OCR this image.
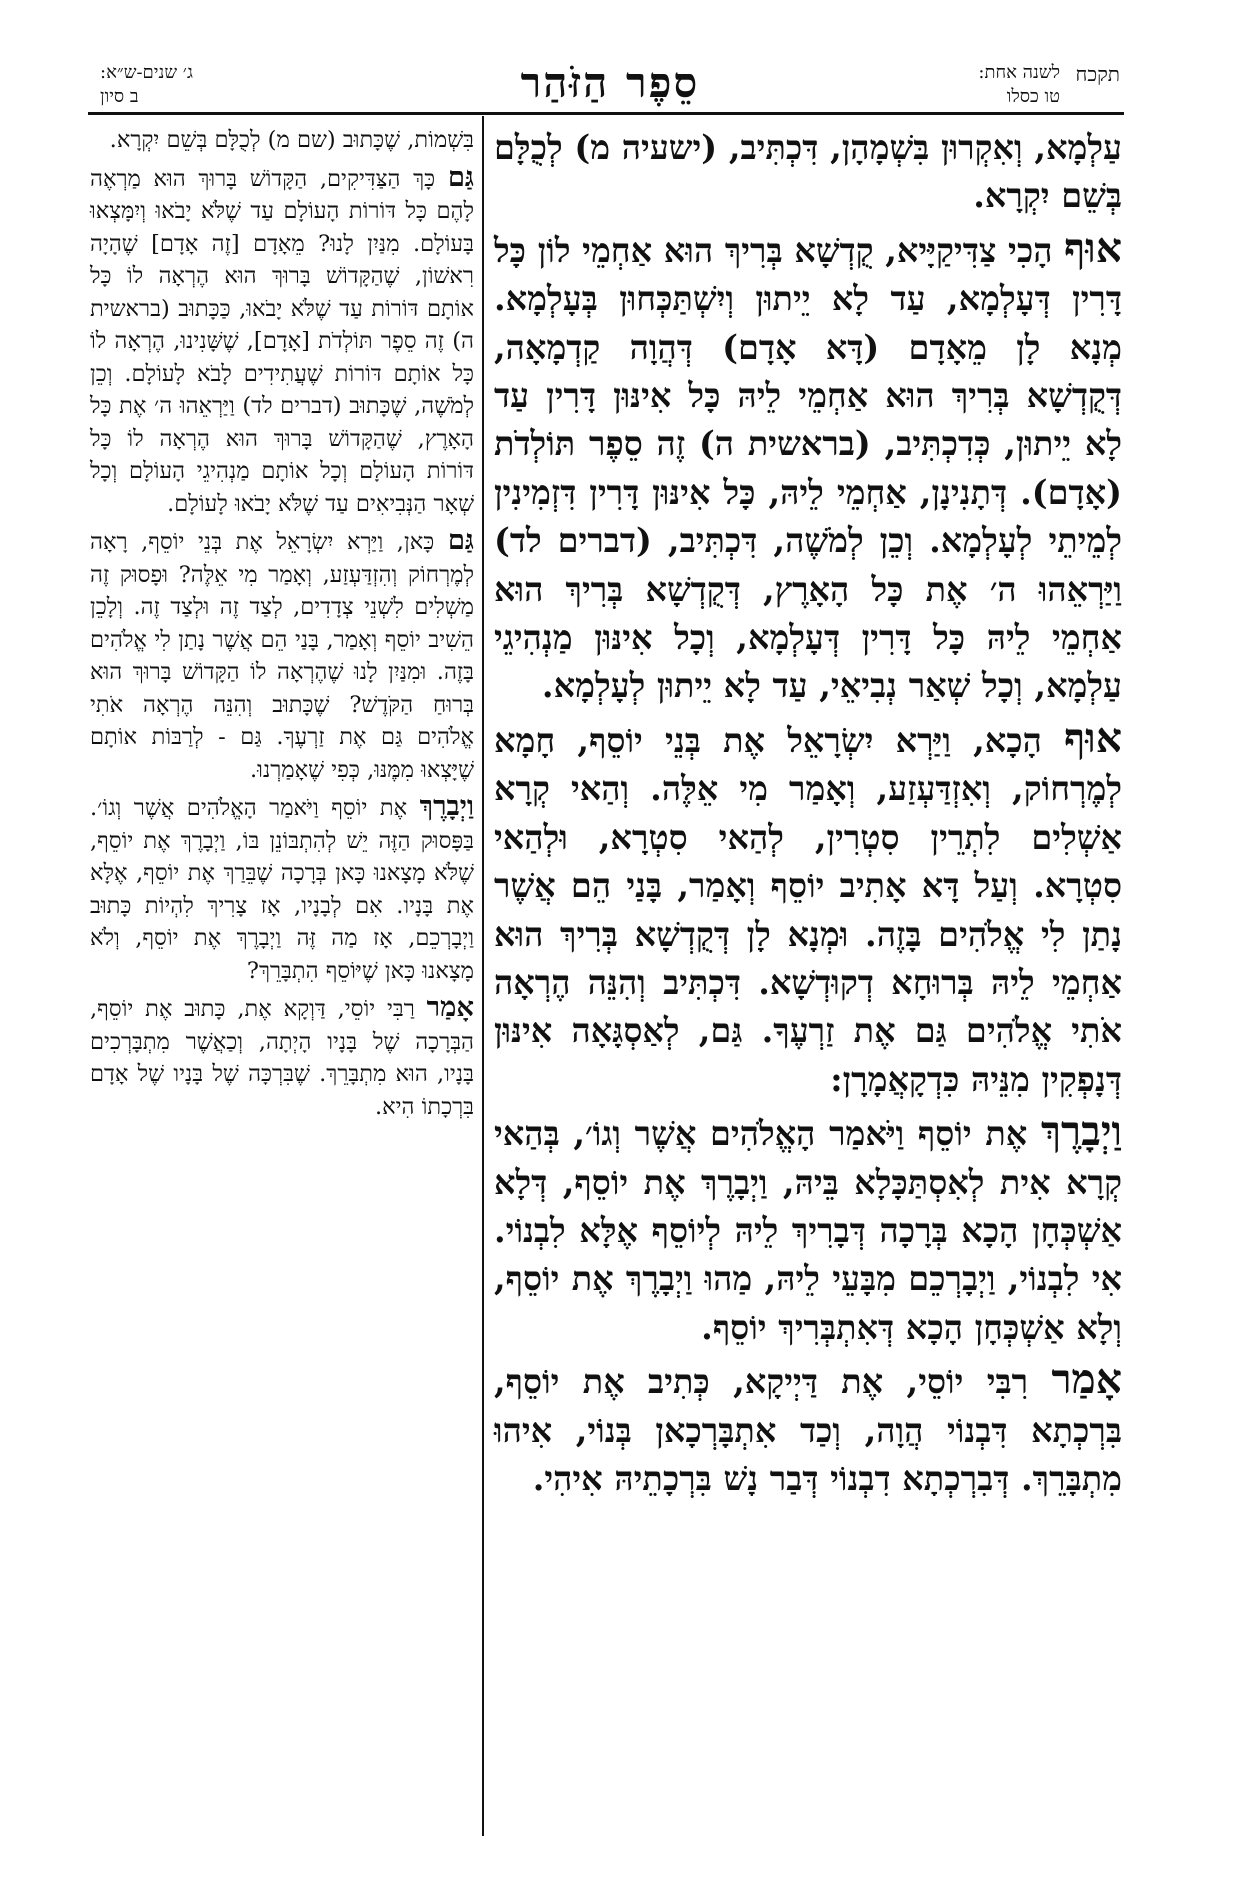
תקכח
לשנה אחת:
טו כסלו
סֵפֶר הַזֹּהַר
ג׳ שנים-ש״א:
ב סיון

עַלְמָא, וְאִקְרוּן בִּשְׁמָהָן, דִּכְתִּיב, (ישעיה מ) לְכֻלָּם בְּשֵׁם יִקְרָא.

אוּף הָכִי צַדִּיקַיָּיא, קֻדְשָׁא בְּרִיךְ הוּא אַחְמֵי לוֹן כָּל דָּרִין דְּעָלְמָא, עַד לָא יֵיתוּן וְיִשְׁתַּכְּחוּן בְּעָלְמָא. מְנָא לָן מֵאָדָם (דָּא אָדָם) דְּהֲוָה קַדְמָאָה, דְּקֻדְשָׁא בְּרִיךְ הוּא אַחְמֵי לֵיהּ כָּל אִינּוּן דָּרִין עַד לָא יֵיתוּן, כְּדִכְתִּיב, (בראשית ה) זֶה סֵפֶר תּוֹלְדֹת (אָדָם). דְּתָנִינָן, אַחְמֵי לֵיהּ, כָּל אִינּוּן דָּרִין דִּזְמִינִין לְמֵיתֵי לְעָלְמָא. וְכֵן לְמֹשֶׁה, דִּכְתִּיב, (דברים לד) וַיַּרְאֵהוּ ה׳ אֶת כָּל הָאָרֶץ, דְּקֻדְשָׁא בְּרִיךְ הוּא אַחְמֵי לֵיהּ כָּל דָּרִין דְּעָלְמָא, וְכָל אִינּוּן מַנְהִיגֵי עַלְמָא, וְכָל שְׁאַר נְבִיאֵי, עַד לָא יֵיתוּן לְעָלְמָא.

אוּף הָכָא, וַיַּרְא יִשְׂרָאֵל אֶת בְּנֵי יוֹסֵף, חָמָא לְמֶרְחוֹק, וְאִזְדַּעְזַע, וְאָמַר מִי אֵלֶּה. וְהַאי קְרָא אַשְׁלִים לִתְרֵין סִטְרִין, לְהַאי סִטְרָא, וּלְהַאי סִטְרָא. וְעַל דָּא אָתִיב יוֹסֵף וְאָמַר, בָּנַי הֵם אֲשֶׁר נָתַן לִי אֱלֹהִים בָּזֶה. וּמְנָא לָן דְּקֻדְשָׁא בְּרִיךְ הוּא אַחְמֵי לֵיהּ בְּרוּחָא דְקוּדְשָׁא. דִּכְתִּיב וְהִנֵּה הֶרְאָה אֹתִי אֱלֹהִים גַּם אֶת זַרְעֶךָ. גַּם, לְאַסְגָּאָה אִינּוּן דְּנָפְקִין מִנֵּיהּ כִּדְקָאֲמָרָן:

וַיְבָרֶךְ אֶת יוֹסֵף וַיֹּאמַר הָאֱלֹהִים אֲשֶׁר וְגוֹ׳, בְּהַאי קְרָא אִית לְאִסְתַּכָּלָא בֵּיהּ, וַיְבָרֶךְ אֶת יוֹסֵף, דְּלָא אַשְׁכְּחָן הָכָא בְּרָכָה דְּבָרִיךְ לֵיהּ לְיוֹסֵף אֶלָּא לִבְנוֹי. אִי לִבְנוֹי, וַיְבָרְכֵם מִבָּעֵי לֵיהּ, מַהוּ וַיְבָרֶךְ אֶת יוֹסֵף, וְלָא אַשְׁכְּחָן הָכָא דְּאִתְבְּרִיךְ יוֹסֵף.

אָמַר רִבִּי יוֹסֵי, אֶת דַּיְיקָא, כְּתִיב אֶת יוֹסֵף, בִּרְכְתָא דִּבְנוֹי הֲוָה, וְכַד אִתְבָּרְכָאן בְּנוֹי, אִיהוּ מִתְבָּרֵךְ. דְּבִרְכְתָא דִבְנוֹי דְּבַר נָשׁ בִּרְכָתֵיהּ אִיהִי.

בִּשְׁמוֹת, שֶׁכָּתוּב (שם מ) לְכֻלָּם בְּשֵׁם יִקְרָא.

גַּם כָּךְ הַצַּדִּיקִים, הַקָּדוֹשׁ בָּרוּךְ הוּא מַרְאֶה לָהֶם כָּל דּוֹרוֹת הָעוֹלָם עַד שֶׁלֹּא יָבֹאוּ וְיִמָּצְאוּ בָּעוֹלָם. מִנַּיִן לָנוּ? מֵאָדָם [זֶה אָדָם] שֶׁהָיָה רִאשׁוֹן, שֶׁהַקָּדוֹשׁ בָּרוּךְ הוּא הֶרְאָה לוֹ כָּל אוֹתָם דּוֹרוֹת עַד שֶׁלֹּא יָבֹאוּ, כַּכָּתוּב (בראשית ה) זֶה סֵפֶר תּוֹלְדֹת [אָדָם], שֶׁשָּׁנִינוּ, הֶרְאָה לוֹ כָּל אוֹתָם דּוֹרוֹת שֶׁעֲתִידִים לָבֹא לָעוֹלָם. וְכֵן לְמֹשֶׁה, שֶׁכָּתוּב (דברים לד) וַיַּרְאֵהוּ ה׳ אֶת כָּל הָאָרֶץ, שֶׁהַקָּדוֹשׁ בָּרוּךְ הוּא הֶרְאָה לוֹ כָּל דּוֹרוֹת הָעוֹלָם וְכָל אוֹתָם מַנְהִיגֵי הָעוֹלָם וְכָל שְׁאָר הַנְּבִיאִים עַד שֶׁלֹּא יָבֹאוּ לָעוֹלָם.

גַּם כָּאן, וַיַּרְא יִשְׂרָאֵל אֶת בְּנֵי יוֹסֵף, רָאָה לְמֶרְחוֹק וְהִזְדַּעְזַע, וְאָמַר מִי אֵלֶּה? וּפָסוּק זֶה מַשְׁלִים לִשְׁנֵי צְדָדִים, לְצַד זֶה וּלְצַד זֶה. וְלָכֵן הֵשִׁיב יוֹסֵף וְאָמַר, בָּנַי הֵם אֲשֶׁר נָתַן לִי אֱלֹהִים בָּזֶה. וּמִנַּיִן לָנוּ שֶׁהֶרְאָה לוֹ הַקָּדוֹשׁ בָּרוּךְ הוּא בְּרוּחַ הַקֹּדֶשׁ? שֶׁכָּתוּב וְהִנֵּה הֶרְאָה אֹתִי אֱלֹהִים גַּם אֶת זַרְעֶךָ. גַּם - לְרַבּוֹת אוֹתָם שֶׁיָּצְאוּ מִמֶּנּוּ, כְּפִי שֶׁאָמַרְנוּ.

וַיְבָרֶךְ אֶת יוֹסֵף וַיֹּאמַר הָאֱלֹהִים אֲשֶׁר וְגוֹ׳. בַּפָּסוּק הַזֶּה יֵשׁ לְהִתְבּוֹנֵן בּוֹ, וַיְבָרֶךְ אֶת יוֹסֵף, שֶׁלֹּא מָצָאנוּ כָּאן בְּרָכָה שֶׁבֵּרַךְ אֶת יוֹסֵף, אֶלָּא אֶת בָּנָיו. אִם לְבָנָיו, אָז צָרִיךְ לִהְיוֹת כָּתוּב וַיְבָרְכֵם, אָז מַה זֶּה וַיְבָרֶךְ אֶת יוֹסֵף, וְלֹא מָצָאנוּ כָּאן שֶׁיּוֹסֵף הִתְבָּרֵךְ?

אָמַר רַבִּי יוֹסֵי, דַּוְקָא אֶת, כָּתוּב אֶת יוֹסֵף, הַבְּרָכָה שֶׁל בָּנָיו הָיְתָה, וְכַאֲשֶׁר מִתְבָּרְכִים בָּנָיו, הוּא מִתְבָּרֵךְ. שֶׁבִּרְכָּה שֶׁל בָּנָיו שֶׁל אָדָם בִּרְכָתוֹ הִיא.
